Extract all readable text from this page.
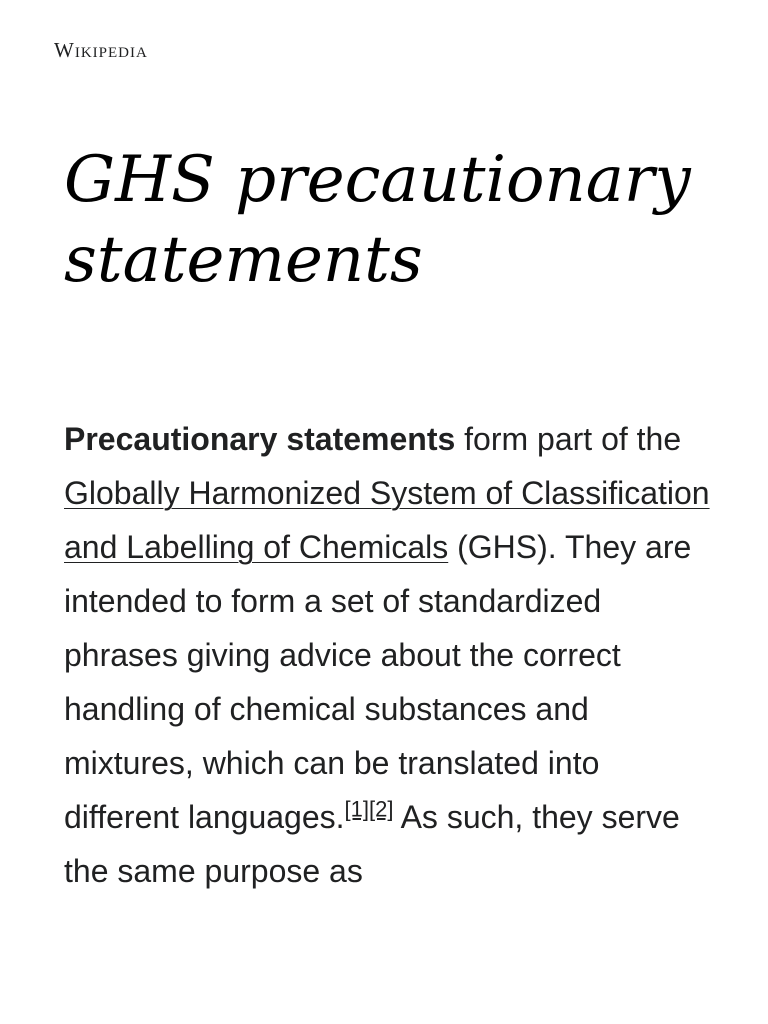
Wikipedia
GHS precautionary statements

Precautionary statements form part of the Globally Harmonized System of Classification and Labelling of Chemicals (GHS). They are intended to form a set of standardized phrases giving advice about the correct handling of chemical substances and mixtures, which can be translated into different languages.[1][2] As such, they serve the same purpose as
